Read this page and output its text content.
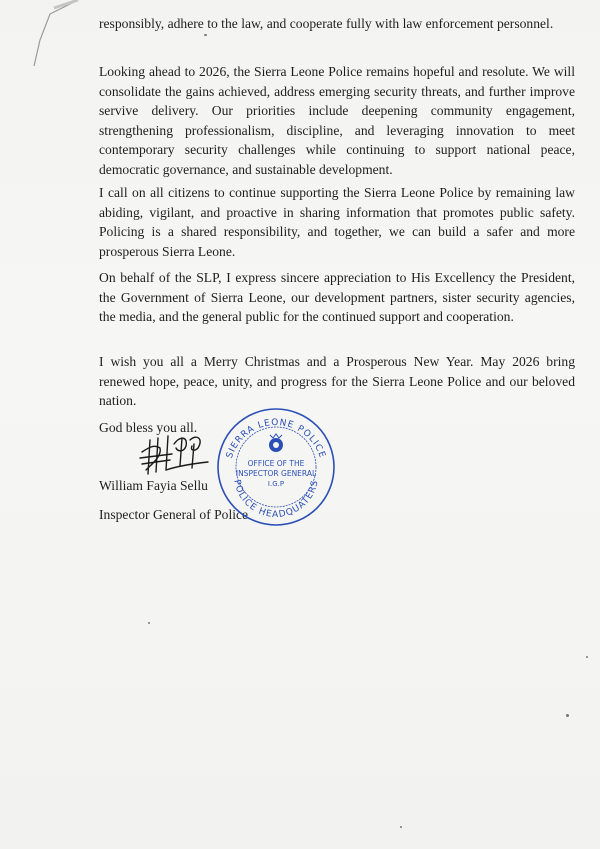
responsibly, adhere to the law, and cooperate fully with law enforcement personnel.

Looking ahead to 2026, the Sierra Leone Police remains hopeful and resolute. We will consolidate the gains achieved, address emerging security threats, and further improve servive delivery. Our priorities include deepening community engagement, strengthening professionalism, discipline, and leveraging innovation to meet contemporary security challenges while continuing to support national peace, democratic governance, and sustainable development.

I call on all citizens to continue supporting the Sierra Leone Police by remaining law abiding, vigilant, and proactive in sharing information that promotes public safety. Policing is a shared responsibility, and together, we can build a safer and more prosperous Sierra Leone.

On behalf of the SLP, I express sincere appreciation to His Excellency the President, the Government of Sierra Leone, our development partners, sister security agencies, the media, and the general public for the continued support and cooperation.

I wish you all a Merry Christmas and a Prosperous New Year. May 2026 bring renewed hope, peace, unity, and progress for the Sierra Leone Police and our beloved nation.

God bless you all.

William Fayia Sellu

Inspector General of Police

SIERRA LEONE POLICE
POLICE HEADQUATERS
OFFICE OF THE
INSPECTOR GENERAL
I.G.P
